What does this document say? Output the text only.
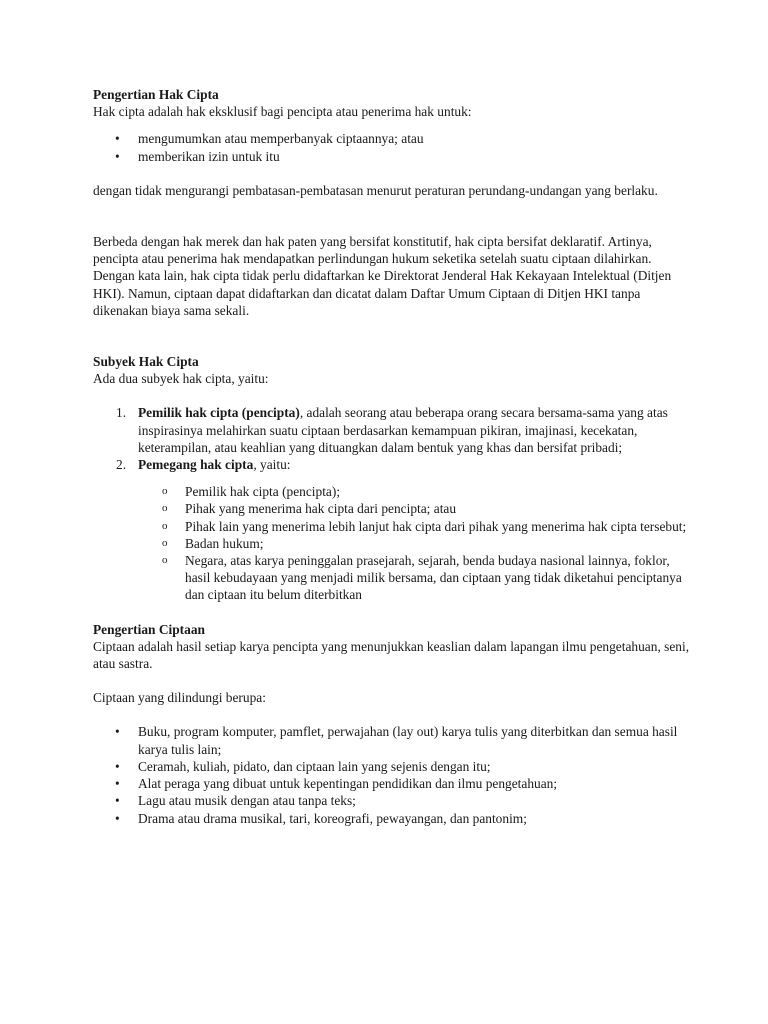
Pengertian Hak Cipta

Hak cipta adalah hak eksklusif bagi pencipta atau penerima hak untuk:

• mengumumkan atau memperbanyak ciptaannya; atau
• memberikan izin untuk itu

dengan tidak mengurangi pembatasan-pembatasan menurut peraturan perundang-undangan yang berlaku.

Berbeda dengan hak merek dan hak paten yang bersifat konstitutif, hak cipta bersifat deklaratif. Artinya, pencipta atau penerima hak mendapatkan perlindungan hukum seketika setelah suatu ciptaan dilahirkan. Dengan kata lain, hak cipta tidak perlu didaftarkan ke Direktorat Jenderal Hak Kekayaan Intelektual (Ditjen HKI). Namun, ciptaan dapat didaftarkan dan dicatat dalam Daftar Umum Ciptaan di Ditjen HKI tanpa dikenakan biaya sama sekali.

Subyek Hak Cipta

Ada dua subyek hak cipta, yaitu:

1. Pemilik hak cipta (pencipta), adalah seorang atau beberapa orang secara bersama-sama yang atas inspirasinya melahirkan suatu ciptaan berdasarkan kemampuan pikiran, imajinasi, kecekatan, keterampilan, atau keahlian yang dituangkan dalam bentuk yang khas dan bersifat pribadi;
2. Pemegang hak cipta, yaitu:
o Pemilik hak cipta (pencipta);
o Pihak yang menerima hak cipta dari pencipta; atau
o Pihak lain yang menerima lebih lanjut hak cipta dari pihak yang menerima hak cipta tersebut;
o Badan hukum;
o Negara, atas karya peninggalan prasejarah, sejarah, benda budaya nasional lainnya, foklor, hasil kebudayaan yang menjadi milik bersama, dan ciptaan yang tidak diketahui penciptanya dan ciptaan itu belum diterbitkan
Pengertian Ciptaan

Ciptaan adalah hasil setiap karya pencipta yang menunjukkan keaslian dalam lapangan ilmu pengetahuan, seni, atau sastra.

Ciptaan yang dilindungi berupa:

• Buku, program komputer, pamflet, perwajahan (lay out) karya tulis yang diterbitkan dan semua hasil karya tulis lain;
• Ceramah, kuliah, pidato, dan ciptaan lain yang sejenis dengan itu;
• Alat peraga yang dibuat untuk kepentingan pendidikan dan ilmu pengetahuan;
• Lagu atau musik dengan atau tanpa teks;
• Drama atau drama musikal, tari, koreografi, pewayangan, dan pantonim;
